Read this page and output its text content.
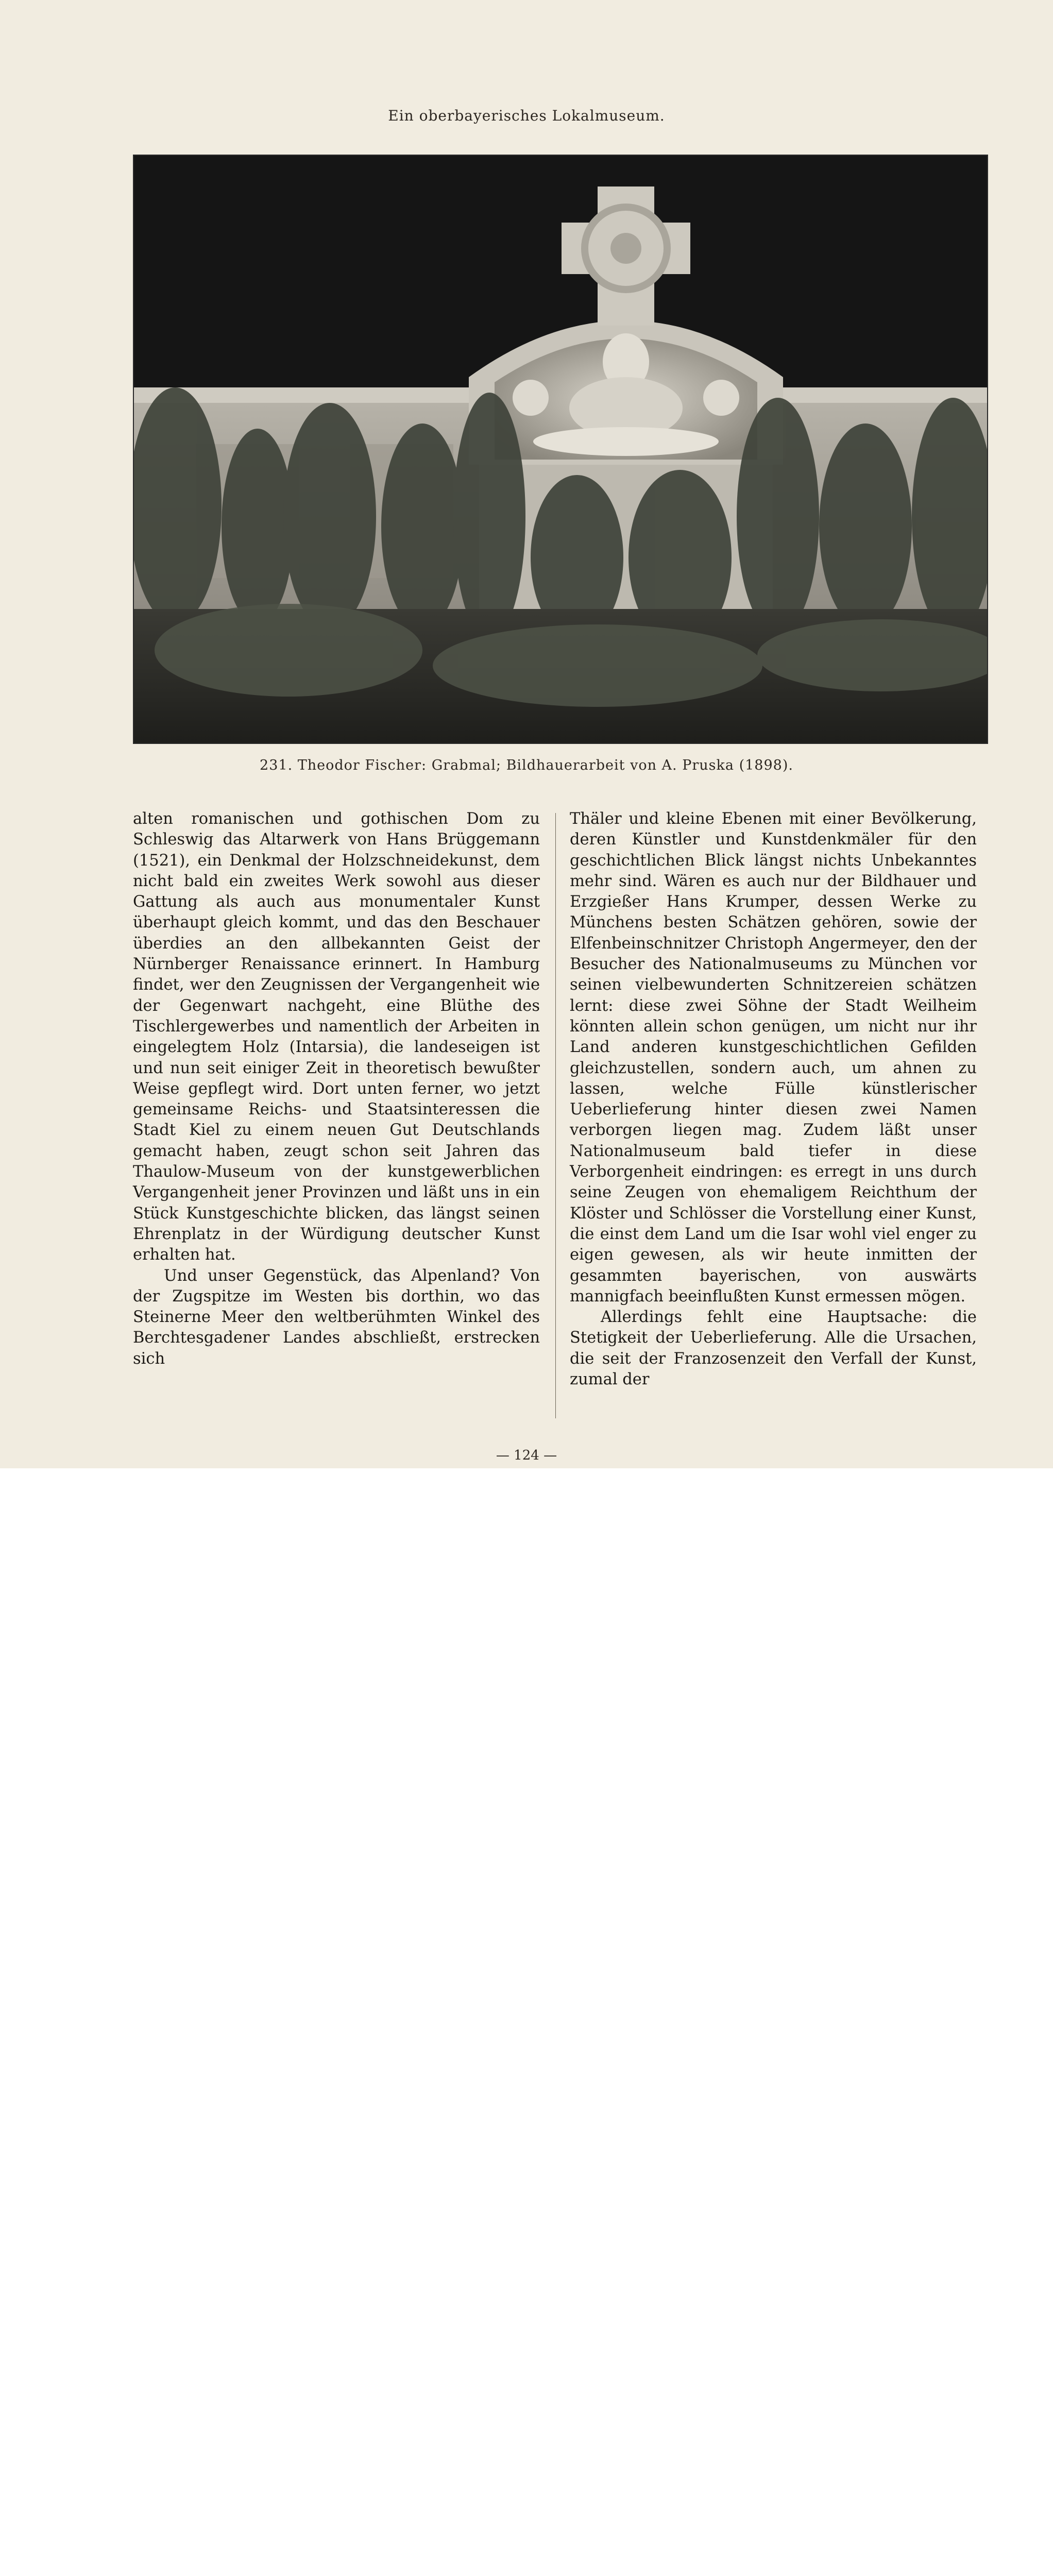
Ein oberbayerisches Lokalmuseum.
231. Theodor Fischer: Grabmal; Bildhauerarbeit von A. Pruska (1898).

alten romanischen und gothischen Dom zu Schleswig das Altarwerk von Hans Brüggemann (1521), ein Denkmal der Holzschneidekunst, dem nicht bald ein zweites Werk sowohl aus dieser Gattung als auch aus monumentaler Kunst überhaupt gleich kommt, und das den Beschauer überdies an den allbekannten Geist der Nürnberger Renaissance erinnert. In Hamburg findet, wer den Zeugnissen der Vergangenheit wie der Gegenwart nachgeht, eine Blüthe des Tischlergewerbes und namentlich der Arbeiten in eingelegtem Holz (Intarsia), die landeseigen ist und nun seit einiger Zeit in theoretisch bewußter Weise gepflegt wird. Dort unten ferner, wo jetzt gemeinsame Reichs- und Staatsinteressen die Stadt Kiel zu einem neuen Gut Deutschlands gemacht haben, zeugt schon seit Jahren das Thaulow-Museum von der kunstgewerblichen Vergangenheit jener Provinzen und läßt uns in ein Stück Kunstgeschichte blicken, das längst seinen Ehrenplatz in der Würdigung deutscher Kunst erhalten hat.

Und unser Gegenstück, das Alpenland? Von der Zugspitze im Westen bis dorthin, wo das Steinerne Meer den weltberühmten Winkel des Berchtesgadener Landes abschließt, erstrecken sich

Thäler und kleine Ebenen mit einer Bevölkerung, deren Künstler und Kunstdenkmäler für den geschichtlichen Blick längst nichts Unbekanntes mehr sind. Wären es auch nur der Bildhauer und Erzgießer Hans Krumper, dessen Werke zu Münchens besten Schätzen gehören, sowie der Elfenbeinschnitzer Christoph Angermeyer, den der Besucher des Nationalmuseums zu München vor seinen vielbewunderten Schnitzereien schätzen lernt: diese zwei Söhne der Stadt Weilheim könnten allein schon genügen, um nicht nur ihr Land anderen kunstgeschichtlichen Gefilden gleichzustellen, sondern auch, um ahnen zu lassen, welche Fülle künstlerischer Ueberlieferung hinter diesen zwei Namen verborgen liegen mag. Zudem läßt unser Nationalmuseum bald tiefer in diese Verborgenheit eindringen: es erregt in uns durch seine Zeugen von ehemaligem Reichthum der Klöster und Schlösser die Vorstellung einer Kunst, die einst dem Land um die Isar wohl viel enger zu eigen gewesen, als wir heute inmitten der gesammten bayerischen, von auswärts mannigfach beeinflußten Kunst ermessen mögen.

Allerdings fehlt eine Hauptsache: die Stetigkeit der Ueberlieferung. Alle die Ursachen, die seit der Franzosenzeit den Verfall der Kunst, zumal der

— 124 —
